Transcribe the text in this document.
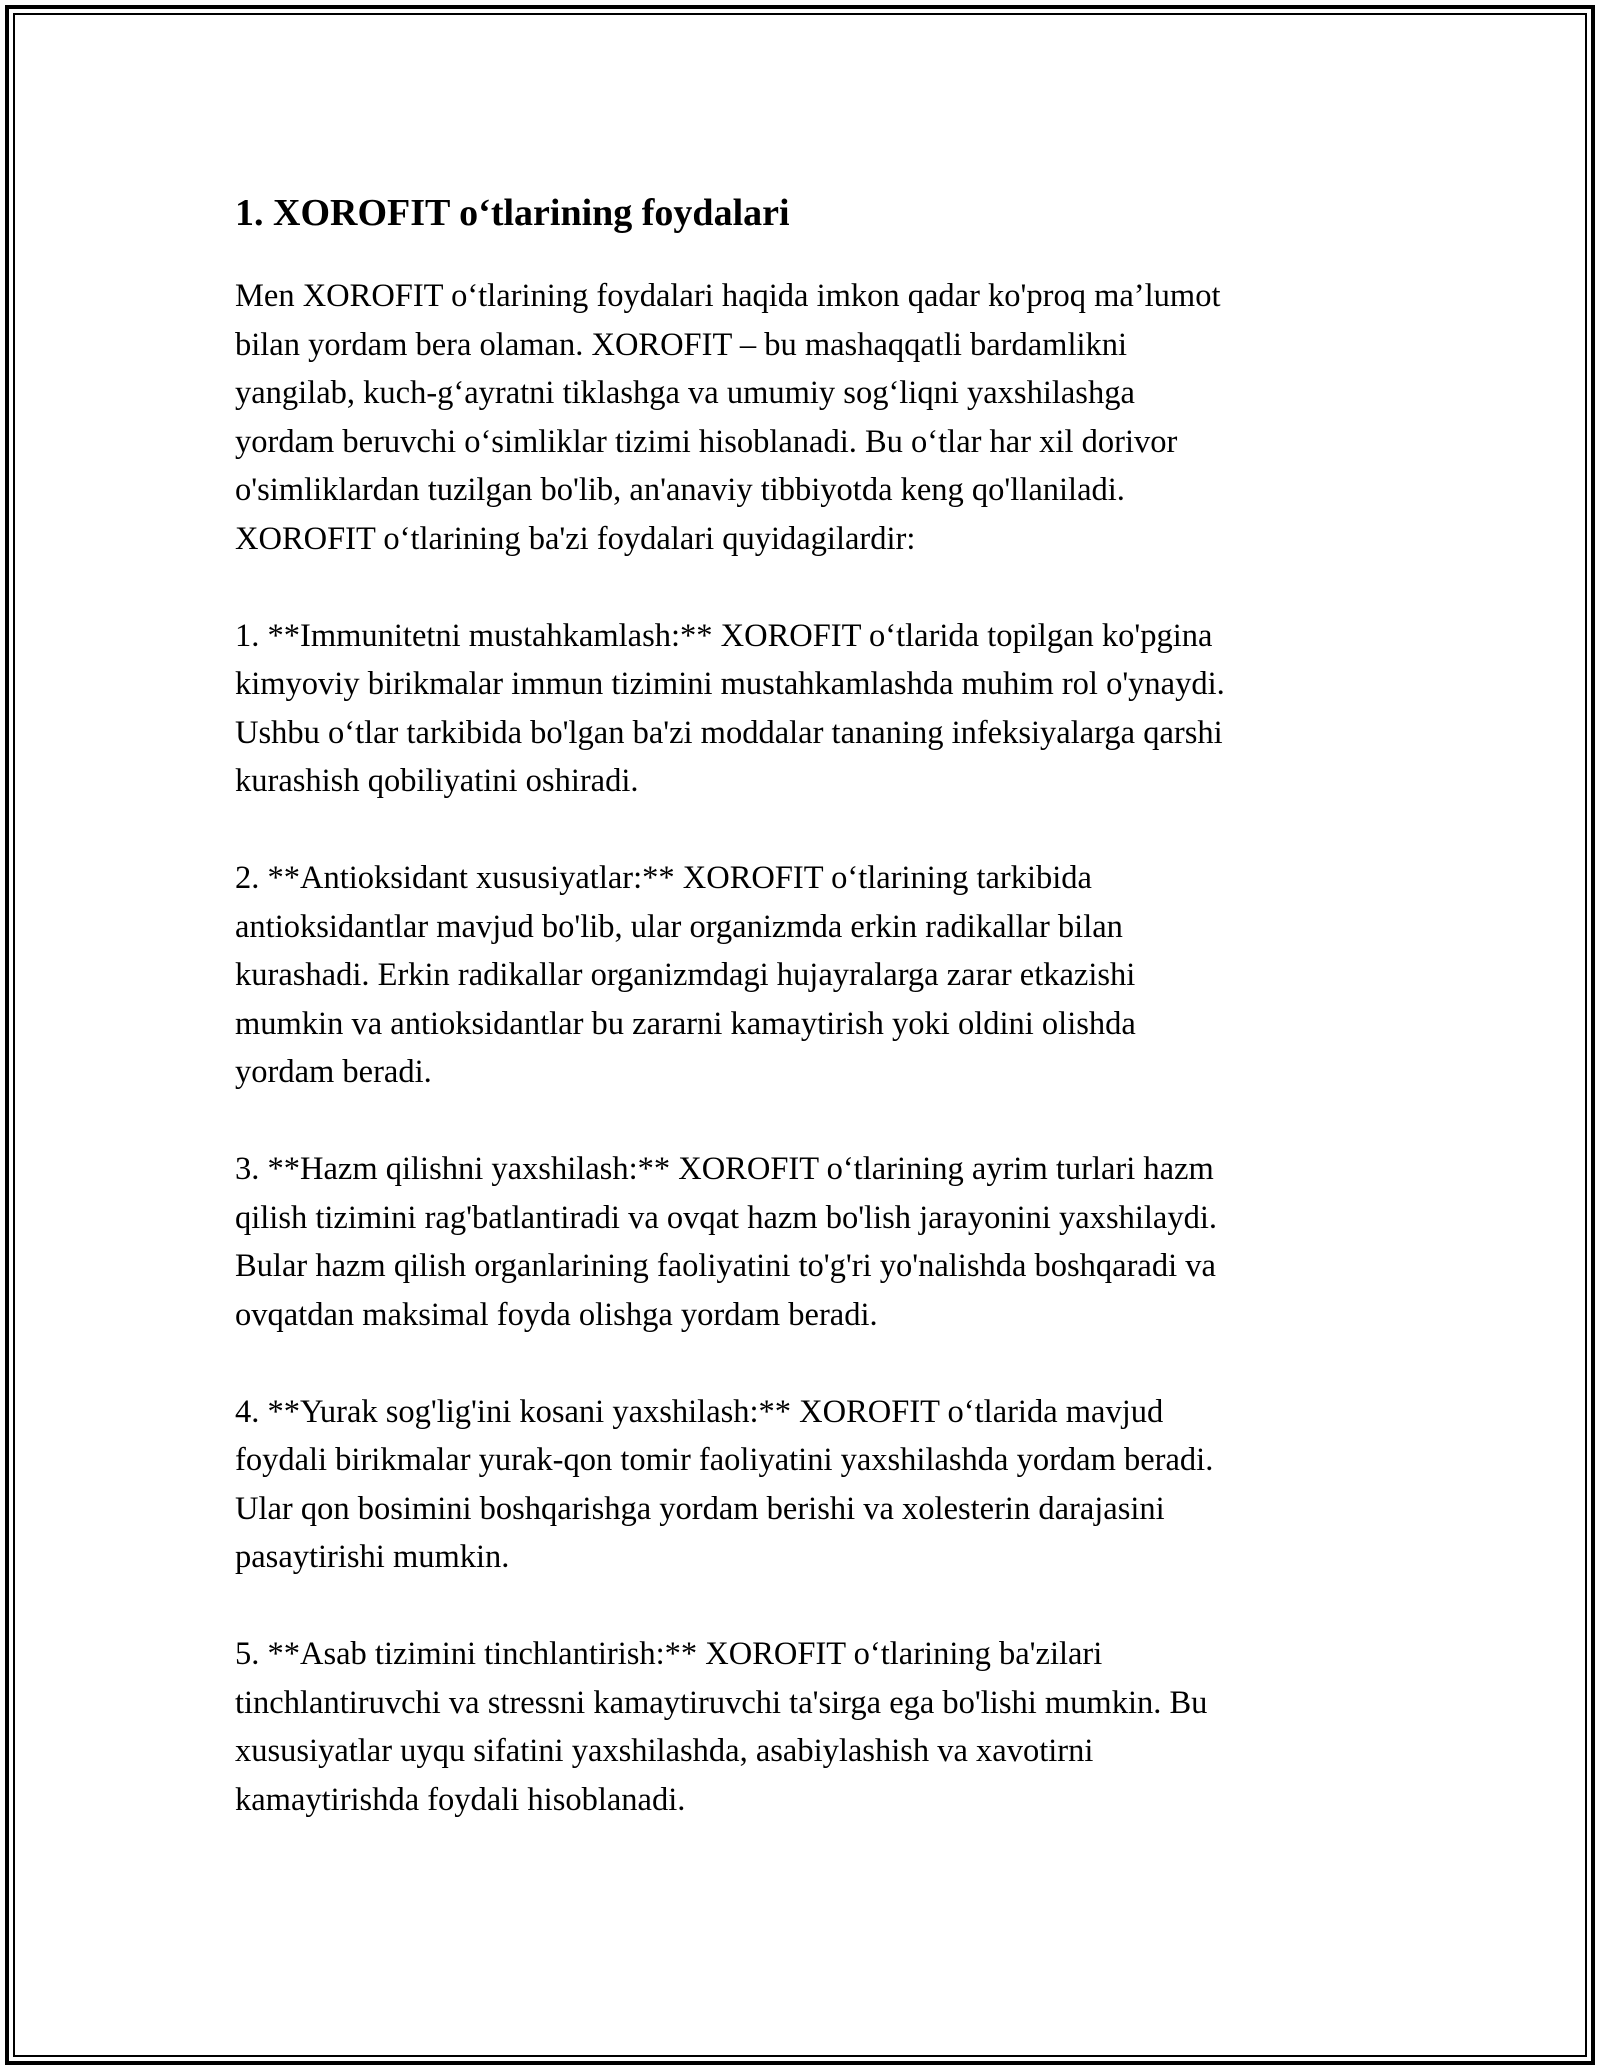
1. XOROFIT o‘tlarining foydalari

Men XOROFIT o‘tlarining foydalari haqida imkon qadar ko'proq ma’lumot
bilan yordam bera olaman. XOROFIT – bu mashaqqatli bardamlikni
yangilab, kuch-g‘ayratni tiklashga va umumiy sog‘liqni yaxshilashga
yordam beruvchi o‘simliklar tizimi hisoblanadi. Bu o‘tlar har xil dorivor
o'simliklardan tuzilgan bo'lib, an'anaviy tibbiyotda keng qo'llaniladi.
XOROFIT o‘tlarining ba'zi foydalari quyidagilardir:

1. **Immunitetni mustahkamlash:** XOROFIT o‘tlarida topilgan ko'pgina
kimyoviy birikmalar immun tizimini mustahkamlashda muhim rol o'ynaydi.
Ushbu o‘tlar tarkibida bo'lgan ba'zi moddalar tananing infeksiyalarga qarshi
kurashish qobiliyatini oshiradi.

2. **Antioksidant xususiyatlar:** XOROFIT o‘tlarining tarkibida
antioksidantlar mavjud bo'lib, ular organizmda erkin radikallar bilan
kurashadi. Erkin radikallar organizmdagi hujayralarga zarar etkazishi
mumkin va antioksidantlar bu zararni kamaytirish yoki oldini olishda
yordam beradi.

3. **Hazm qilishni yaxshilash:** XOROFIT o‘tlarining ayrim turlari hazm
qilish tizimini rag'batlantiradi va ovqat hazm bo'lish jarayonini yaxshilaydi.
Bular hazm qilish organlarining faoliyatini to'g'ri yo'nalishda boshqaradi va
ovqatdan maksimal foyda olishga yordam beradi.

4. **Yurak sog'lig'ini kosani yaxshilash:** XOROFIT o‘tlarida mavjud
foydali birikmalar yurak-qon tomir faoliyatini yaxshilashda yordam beradi.
Ular qon bosimini boshqarishga yordam berishi va xolesterin darajasini
pasaytirishi mumkin.

5. **Asab tizimini tinchlantirish:** XOROFIT o‘tlarining ba'zilari
tinchlantiruvchi va stressni kamaytiruvchi ta'sirga ega bo'lishi mumkin. Bu
xususiyatlar uyqu sifatini yaxshilashda, asabiylashish va xavotirni
kamaytirishda foydali hisoblanadi.
